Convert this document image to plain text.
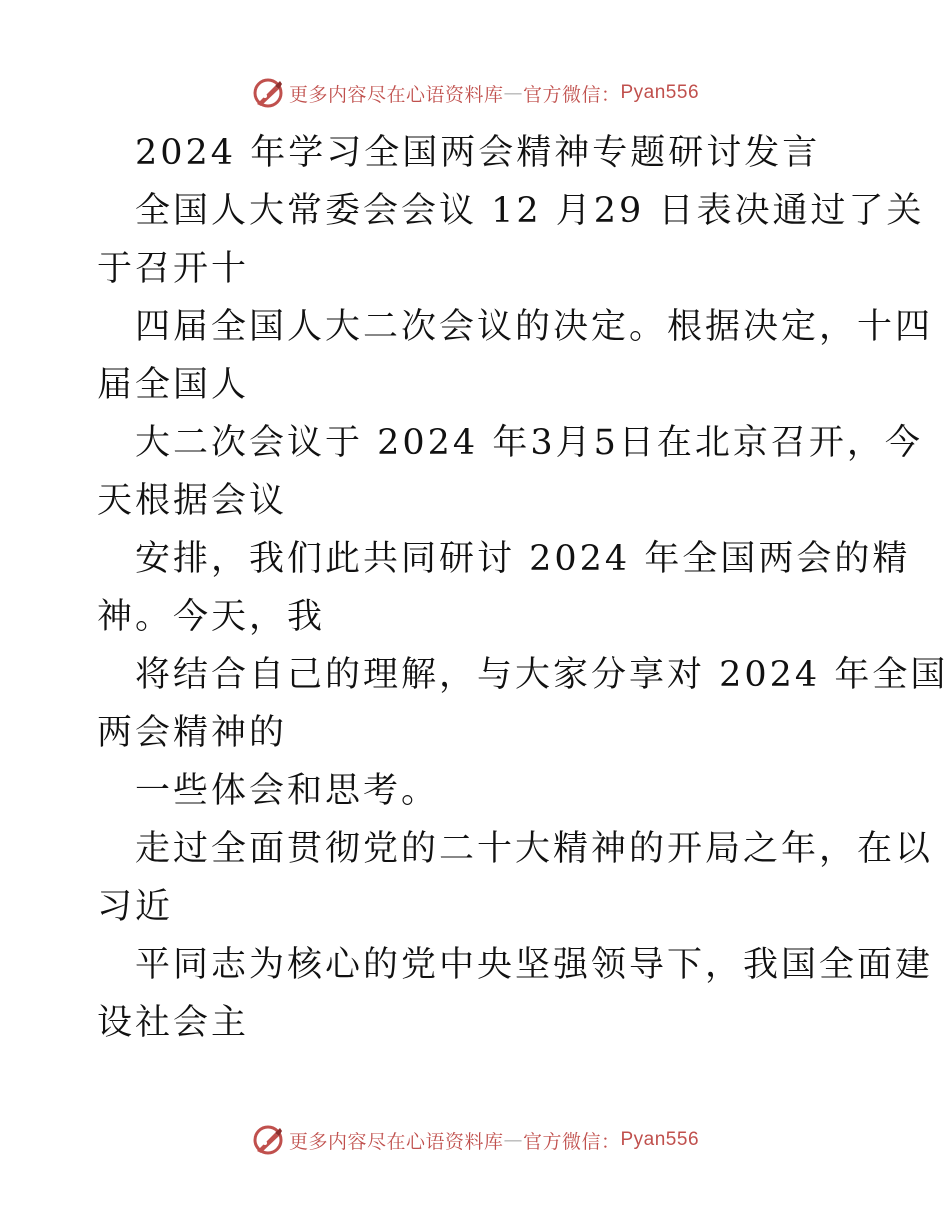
更多内容尽在心语资料库 — 官方微信： Pyan556
2024 年学习全国两会精神专题研讨发言
全国人大常委会会议 12 月29 日表决通过了关
于召开十
四届全国人大二次会议的决定。根据决定，十四
届全国人
大二次会议于 2024 年3月5日在北京召开，今
天根据会议
安排，我们此共同研讨 2024 年全国两会的精
神。今天，我
将结合自己的理解，与大家分享对 2024 年全国
两会精神的
一些体会和思考。
走过全面贯彻党的二十大精神的开局之年，在以
习近
平同志为核心的党中央坚强领导下，我国全面建
设社会主
更多内容尽在心语资料库 — 官方微信： Pyan556
